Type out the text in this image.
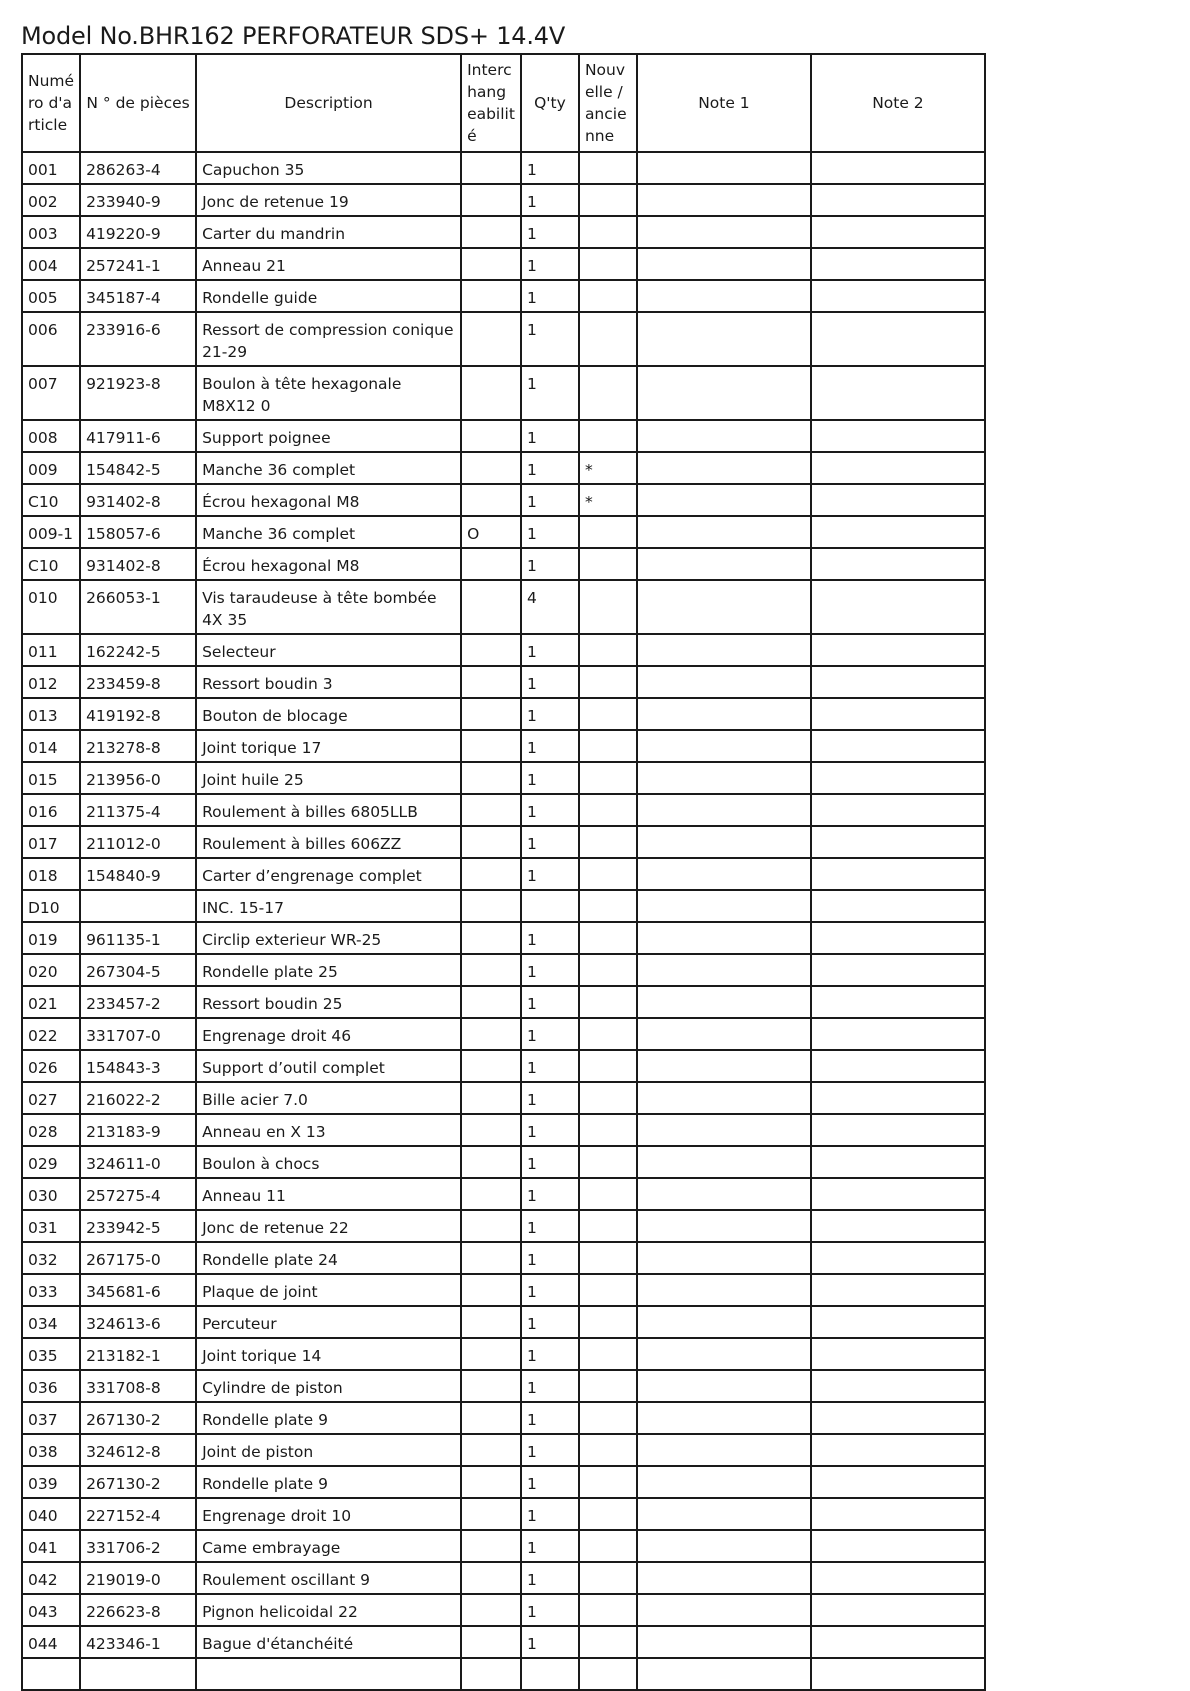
Model No.BHR162 PERFORATEUR SDS+ 14.4V
Numé
ro d'a
rticle	N ° de pièces	Description	Interc
hang
eabilit
é	Q'ty	Nouv
elle /
ancie
nne	Note 1	Note 2
001	286263-4	Capuchon 35		1			
002	233940-9	Jonc de retenue 19		1			
003	419220-9	Carter du mandrin		1			
004	257241-1	Anneau 21		1			
005	345187-4	Rondelle guide		1			
006	233916-6	Ressort de compression conique 21-29		1			
007	921923-8	Boulon à tête hexagonale M8X12 0		1			
008	417911-6	Support poignee		1			
009	154842-5	Manche 36 complet		1	*		
C10	931402-8	Écrou hexagonal M8		1	*		
009-1	158057-6	Manche 36 complet	O	1			
C10	931402-8	Écrou hexagonal M8		1			
010	266053-1	Vis taraudeuse à tête bombée 4X 35		4			
011	162242-5	Selecteur		1			
012	233459-8	Ressort boudin 3		1			
013	419192-8	Bouton de blocage		1			
014	213278-8	Joint torique 17		1			
015	213956-0	Joint huile 25		1			
016	211375-4	Roulement à billes 6805LLB		1			
017	211012-0	Roulement à billes 606ZZ		1			
018	154840-9	Carter d’engrenage complet		1			
D10		INC. 15-17					
019	961135-1	Circlip exterieur WR-25		1			
020	267304-5	Rondelle plate 25		1			
021	233457-2	Ressort boudin 25		1			
022	331707-0	Engrenage droit 46		1			
026	154843-3	Support d’outil complet		1			
027	216022-2	Bille acier 7.0		1			
028	213183-9	Anneau en X 13		1			
029	324611-0	Boulon à chocs		1			
030	257275-4	Anneau 11		1			
031	233942-5	Jonc de retenue 22		1			
032	267175-0	Rondelle plate 24		1			
033	345681-6	Plaque de joint		1			
034	324613-6	Percuteur		1			
035	213182-1	Joint torique 14		1			
036	331708-8	Cylindre de piston		1			
037	267130-2	Rondelle plate 9		1			
038	324612-8	Joint de piston		1			
039	267130-2	Rondelle plate 9		1			
040	227152-4	Engrenage droit 10		1			
041	331706-2	Came embrayage		1			
042	219019-0	Roulement oscillant 9		1			
043	226623-8	Pignon helicoidal 22		1			
044	423346-1	Bague d'étanchéité		1			
